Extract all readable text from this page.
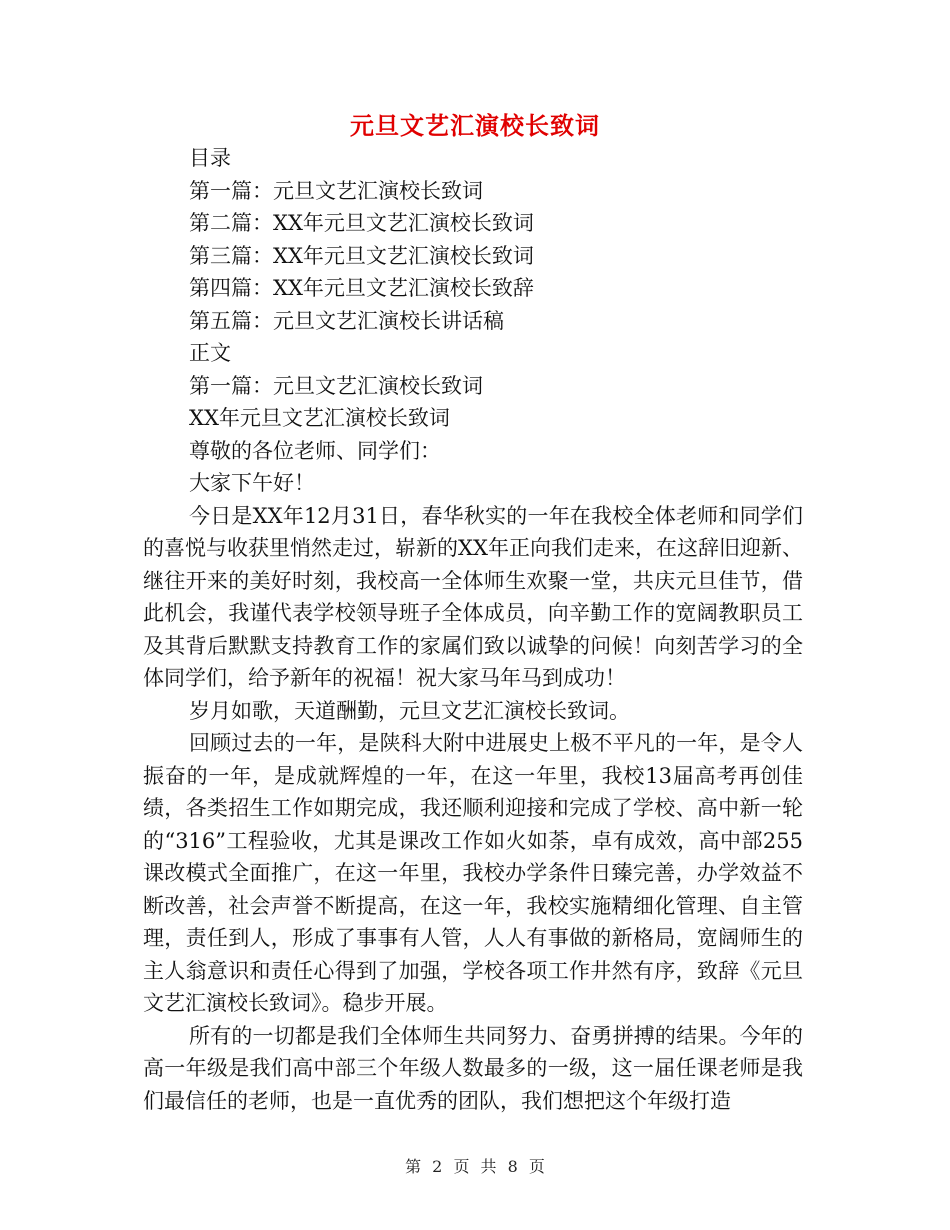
元旦文艺汇演校长致词
目录
第一篇：元旦文艺汇演校长致词
第二篇：XX年元旦文艺汇演校长致词
第三篇：XX年元旦文艺汇演校长致词
第四篇：XX年元旦文艺汇演校长致辞
第五篇：元旦文艺汇演校长讲话稿
正文
第一篇：元旦文艺汇演校长致词
XX年元旦文艺汇演校长致词
尊敬的各位老师、同学们：
大家下午好！

今日是XX年12月31日，春华秋实的一年在我校全体老师和同学们的喜悦与收获里悄然走过，崭新的XX年正向我们走来，在这辞旧迎新、继往开来的美好时刻，我校高一全体师生欢聚一堂，共庆元旦佳节，借此机会，我谨代表学校领导班子全体成员，向辛勤工作的宽阔教职员工及其背后默默支持教育工作的家属们致以诚挚的问候！向刻苦学习的全体同学们，给予新年的祝福！祝大家马年马到成功！

岁月如歌，天道酬勤，元旦文艺汇演校长致词。

回顾过去的一年，是陕科大附中进展史上极不平凡的一年，是令人振奋的一年，是成就辉煌的一年，在这一年里，我校13届高考再创佳绩，各类招生工作如期完成，我还顺利迎接和完成了学校、高中新一轮的“316”工程验收，尤其是课改工作如火如荼，卓有成效，高中部255课改模式全面推广，在这一年里，我校办学条件日臻完善，办学效益不断改善，社会声誉不断提高，在这一年，我校实施精细化管理、自主管理，责任到人，形成了事事有人管，人人有事做的新格局，宽阔师生的主人翁意识和责任心得到了加强，学校各项工作井然有序，致辞《元旦文艺汇演校长致词》。稳步开展。

所有的一切都是我们全体师生共同努力、奋勇拼搏的结果。今年的高一年级是我们高中部三个年级人数最多的一级，这一届任课老师是我们最信任的老师，也是一直优秀的团队，我们想把这个年级打造

第 2 页 共 8 页
